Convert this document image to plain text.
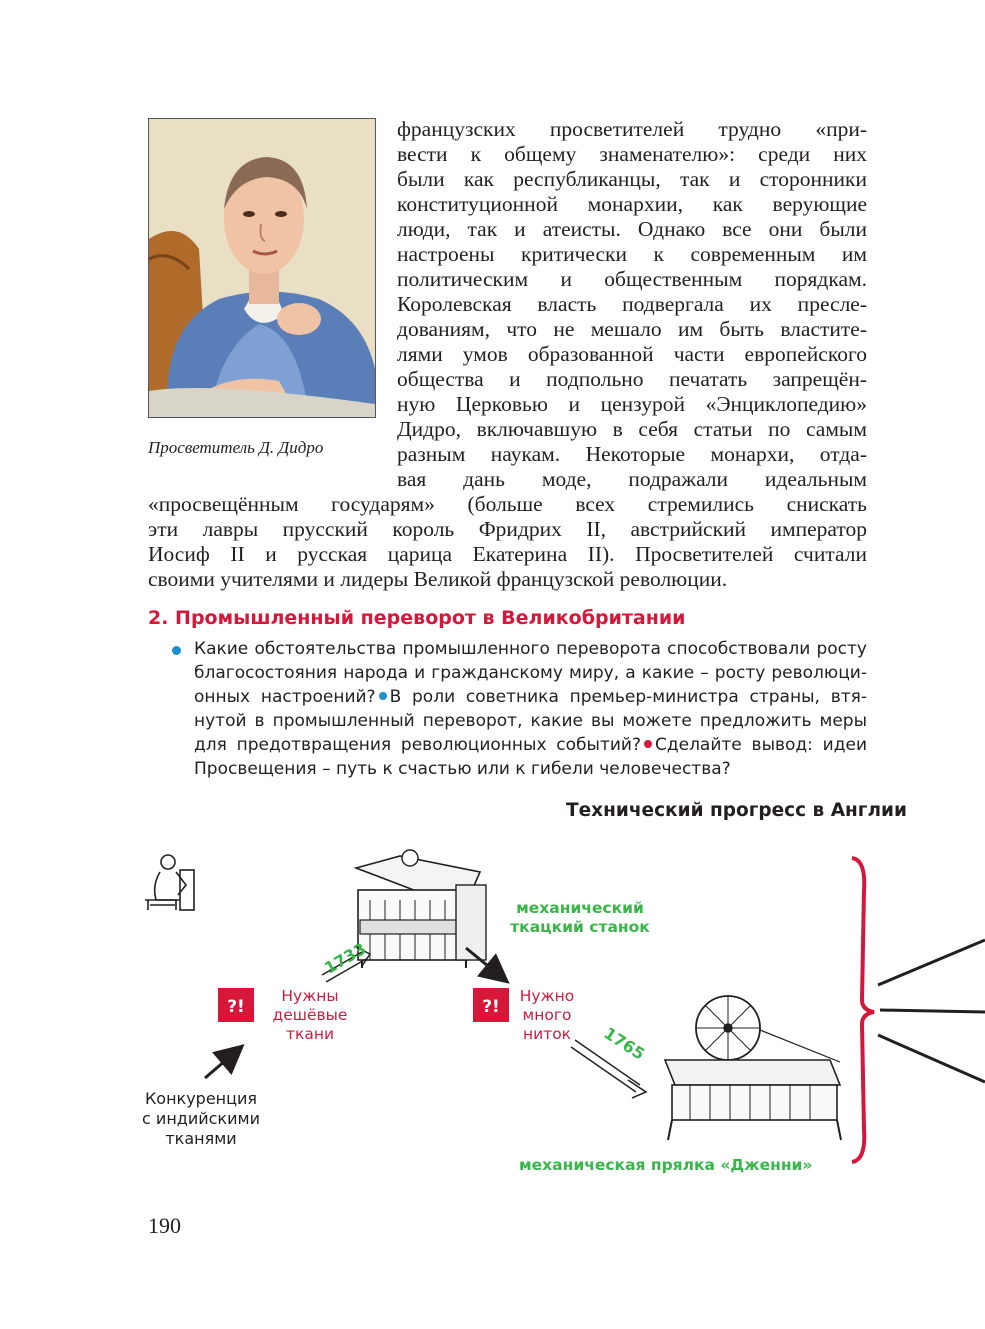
Просветитель Д. Дидро
французских просветителей трудно «при-
вести к общему знаменателю»: среди них
были как республиканцы, так и сторонники
конституционной монархии, как верующие
люди, так и атеисты. Однако все они были
настроены критически к современным им
политическим и общественным порядкам.
Королевская власть подвергала их пресле-
дованиям, что не мешало им быть властите-
лями умов образованной части европейского
общества и подпольно печатать запрещён-
ную Церковью и цензурой «Энциклопедию»
Дидро, включавшую в себя статьи по самым
разным наукам. Некоторые монархи, отда-
вая дань моде, подражали идеальным
«просвещённым государям» (больше всех стремились снискать
эти лавры прусский король Фридрих II, австрийский император
Иосиф II и русская царица Екатерина II). Просветителей считали
своими учителями и лидеры Великой французской революции.
2. Промышленный переворот в Великобритании
Какие обстоятельства промышленного переворота способствовали росту
благосостояния народа и гражданскому миру, а какие – росту революци-
онных настроений? В роли советника премьер-министра страны, втя-
нутой в промышленный переворот, какие вы можете предложить меры
для предотвращения революционных событий? Сделайте вывод: идеи
Просвещения – путь к счастью или к гибели человечества?
Технический прогресс в Англии
Конкуренция
с индийскими
тканями
?!
Нужны
дешёвые
ткани
1733
механический
ткацкий станок
?!
Нужно
много
ниток 1765
механическая прялка «Дженни»
190
